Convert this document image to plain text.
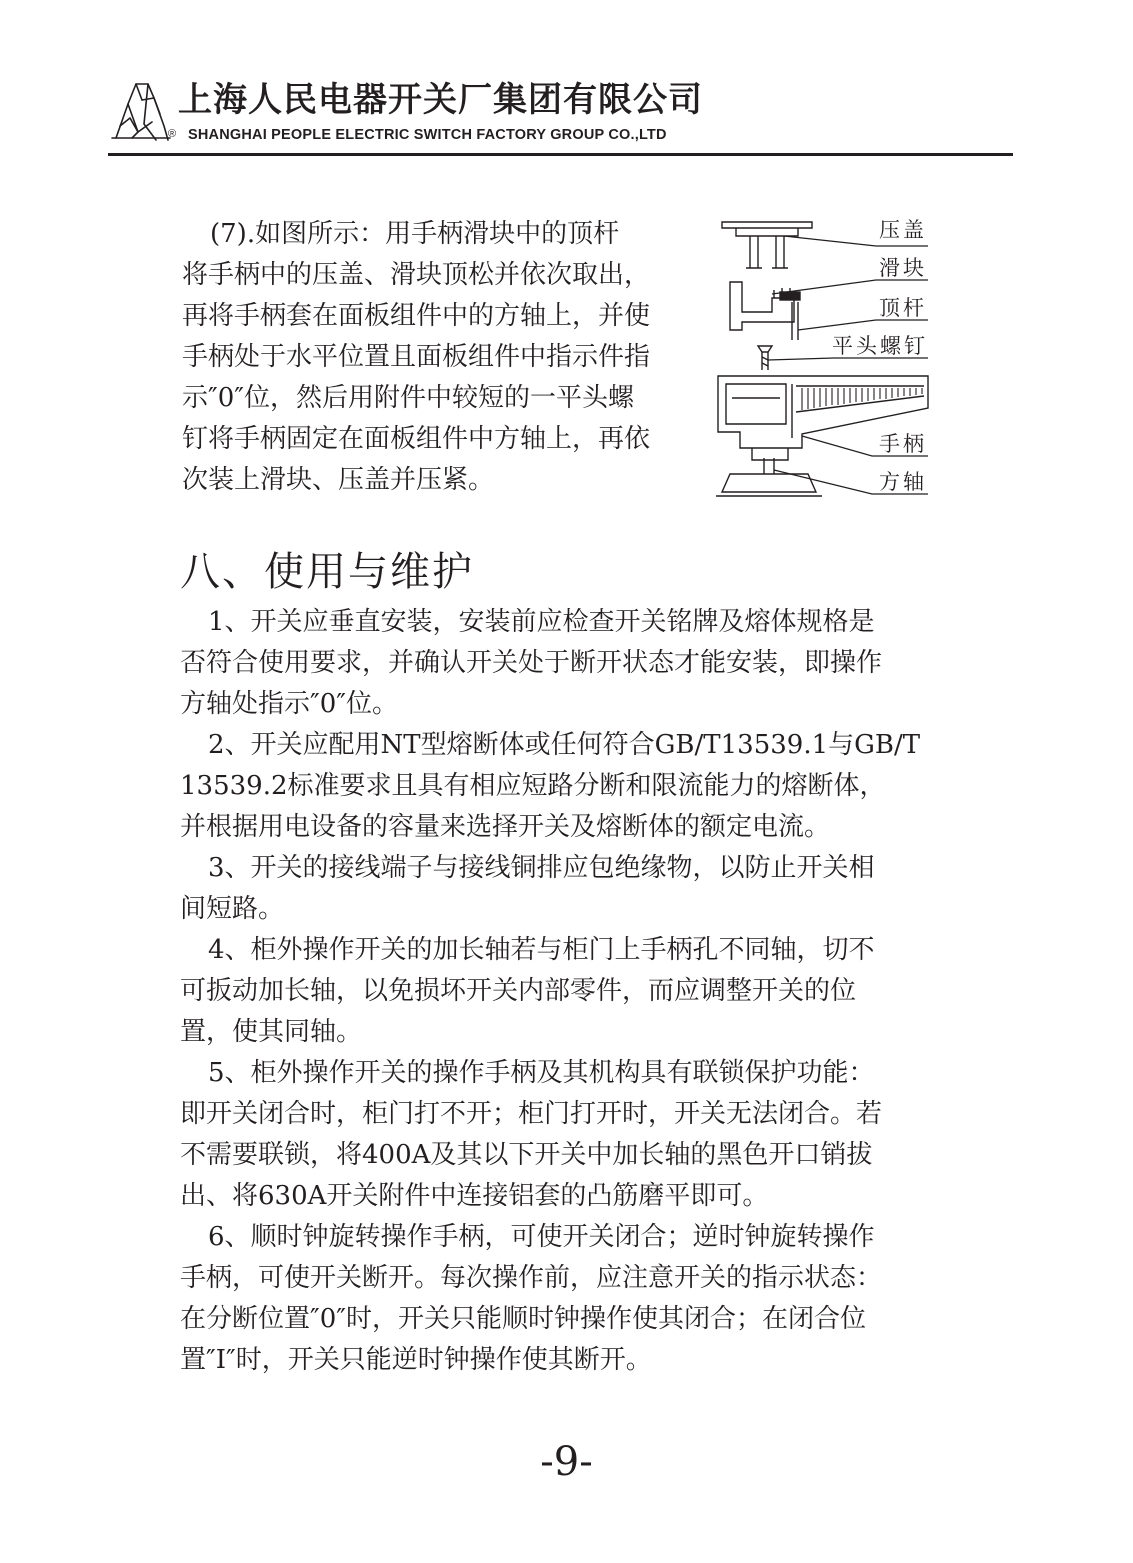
®
上海人民电器开关厂集团有限公司
SHANGHAI PEOPLE ELECTRIC SWITCH FACTORY GROUP CO.,LTD

(7).如图所示：用手柄滑块中的顶杆

将手柄中的压盖、滑块顶松并依次取出，

再将手柄套在面板组件中的方轴上，并使

手柄处于水平位置且面板组件中指示件指

示″0″位，然后用附件中较短的一平头螺

钉将手柄固定在面板组件中方轴上，再依

次装上滑块、压盖并压紧。

压盖
滑块
顶杆
平头螺钉
手柄
方轴
八、使用与维护
1、开关应垂直安装，安装前应检查开关铭牌及熔体规格是
否符合使用要求，并确认开关处于断开状态才能安装，即操作
方轴处指示″0″位。
2、开关应配用NT型熔断体或任何符合GB/T13539.1与GB/T
13539.2标准要求且具有相应短路分断和限流能力的熔断体，
并根据用电设备的容量来选择开关及熔断体的额定电流。
3、开关的接线端子与接线铜排应包绝缘物，以防止开关相
间短路。
4、柜外操作开关的加长轴若与柜门上手柄孔不同轴，切不
可扳动加长轴，以免损坏开关内部零件，而应调整开关的位
置，使其同轴。
5、柜外操作开关的操作手柄及其机构具有联锁保护功能：
即开关闭合时，柜门打不开；柜门打开时，开关无法闭合。若
不需要联锁，将400A及其以下开关中加长轴的黑色开口销拔
出、将630A开关附件中连接铝套的凸筋磨平即可。
6、顺时钟旋转操作手柄，可使开关闭合；逆时钟旋转操作
手柄，可使开关断开。每次操作前，应注意开关的指示状态：
在分断位置″0″时，开关只能顺时钟操作使其闭合；在闭合位
置″I″时，开关只能逆时钟操作使其断开。
-9-
